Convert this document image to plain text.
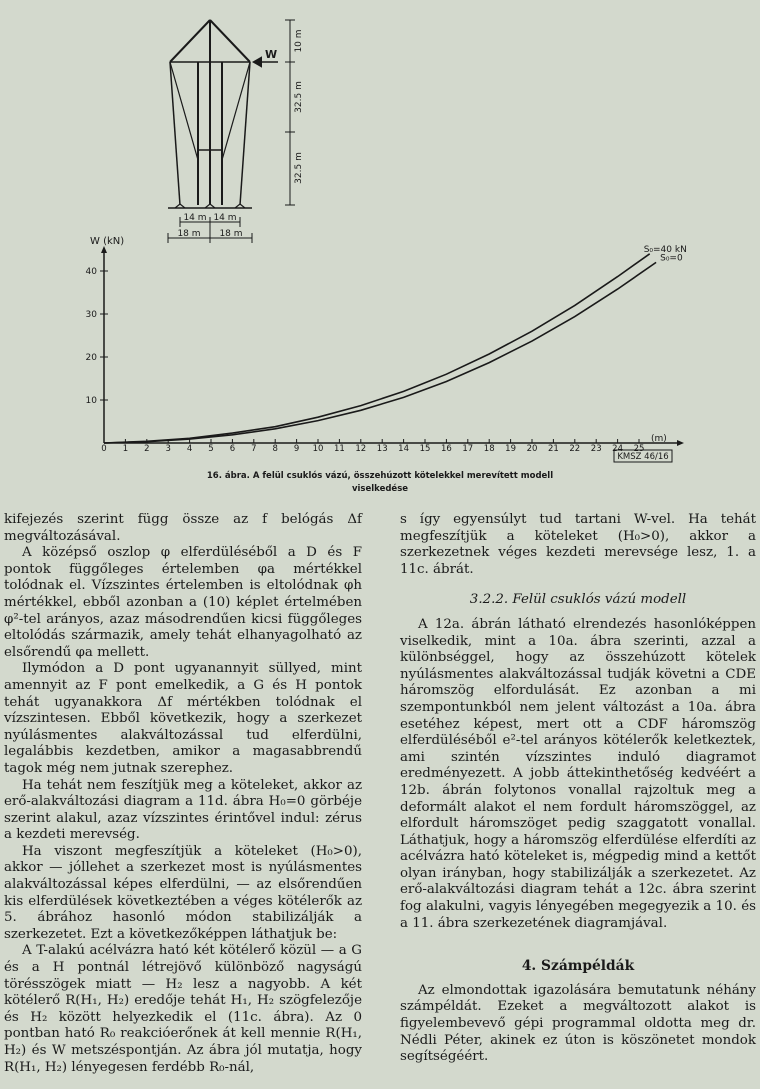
W
10 m
32.5 m
32.5 m
14 m 14 m
18 m 18 m
10
20
30
40
0 1 2 3 4 5 6 7 8 9 10 11 12 13 14 15 16 17 18 19 20 21 22 23 24 25
S₀=40 kN
S₀=0
W (kN)
(m)
KMSZ 46/16
16. ábra. A felül csuklós vázú, összehúzott kötelekkel merevített modell
viselkedése

kifejezés szerint függ össze az f belógás Δf megváltozásával.

A középső oszlop φ elferdüléséből a D és F pontok függőleges értelemben φa mértékkel tolódnak el. Vízszintes értelemben is eltolódnak φh mértékkel, ebből azonban a (10) képlet értelmében φ²-tel arányos, azaz másodrendűen kicsi függőleges eltolódás származik, amely tehát elhanyagolható az elsőrendű φa mellett.

Ilymódon a D pont ugyanannyit süllyed, mint amennyit az F pont emelkedik, a G és H pontok tehát ugyanakkora Δf mértékben tolódnak el vízszintesen. Ebből következik, hogy a szerkezet nyúlásmentes alakváltozással tud elferdülni, legalábbis kezdetben, amikor a magasabbrendű tagok még nem jutnak szerephez.

Ha tehát nem feszítjük meg a köteleket, akkor az erő-alakváltozási diagram a 11d. ábra H₀=0 görbéje szerint alakul, azaz vízszintes érintővel indul: zérus a kezdeti merevség.

Ha viszont megfeszítjük a köteleket (H₀>0), akkor — jóllehet a szerkezet most is nyúlásmentes alakváltozással képes elferdülni, — az elsőrendűen kis elferdülések következtében a véges kötélerők az 5. ábrához hasonló módon stabilizálják a szerkezetet. Ezt a következőképpen láthatjuk be:

A T-alakú acélvázra ható két kötélerő közül — a G és a H pontnál létrejövő különböző nagyságú törésszögek miatt — H₂ lesz a nagyobb. A két kötélerő R(H₁, H₂) eredője tehát H₁, H₂ szögfelezője és H₂ között helyezkedik el (11c. ábra). Az 0 pontban ható R₀ reakcióerőnek át kell mennie R(H₁, H₂) és W metszéspontján. Az ábra jól mutatja, hogy R(H₁, H₂) lényegesen ferdébb R₀-nál,

s így egyensúlyt tud tartani W-vel. Ha tehát megfeszítjük a köteleket (H₀>0), akkor a szerkezetnek véges kezdeti merevsége lesz, 1. a 11c. ábrát.

3.2.2. Felül csuklós vázú modell

A 12a. ábrán látható elrendezés hasonlóképpen viselkedik, mint a 10a. ábra szerinti, azzal a különbséggel, hogy az összehúzott kötelek nyúlásmentes alakváltozással tudják követni a CDE háromszög elfordulását. Ez azonban a mi szempontunkból nem jelent változást a 10a. ábra esetéhez képest, mert ott a CDF háromszög elferdüléséből e²-tel arányos kötélerők keletkeztek, ami szintén vízszintes induló diagramot eredményezett. A jobb áttekinthetőség kedvéért a 12b. ábrán folytonos vonallal rajzoltuk meg a deformált alakot el nem fordult háromszöggel, az elfordult háromszöget pedig szaggatott vonallal. Láthatjuk, hogy a háromszög elferdülése elferdíti az acélvázra ható köteleket is, mégpedig mind a kettőt olyan irányban, hogy stabilizálják a szerkezetet. Az erő-alakváltozási diagram tehát a 12c. ábra szerint fog alakulni, vagyis lényegében megegyezik a 10. és a 11. ábra szerkezetének diagramjával.

4. Számpéldák

Az elmondottak igazolására bemutatunk néhány számpéldát. Ezeket a megváltozott alakot is figyelembevevő gépi programmal oldotta meg dr. Nédli Péter, akinek ez úton is köszönetet mondok segítségéért.
